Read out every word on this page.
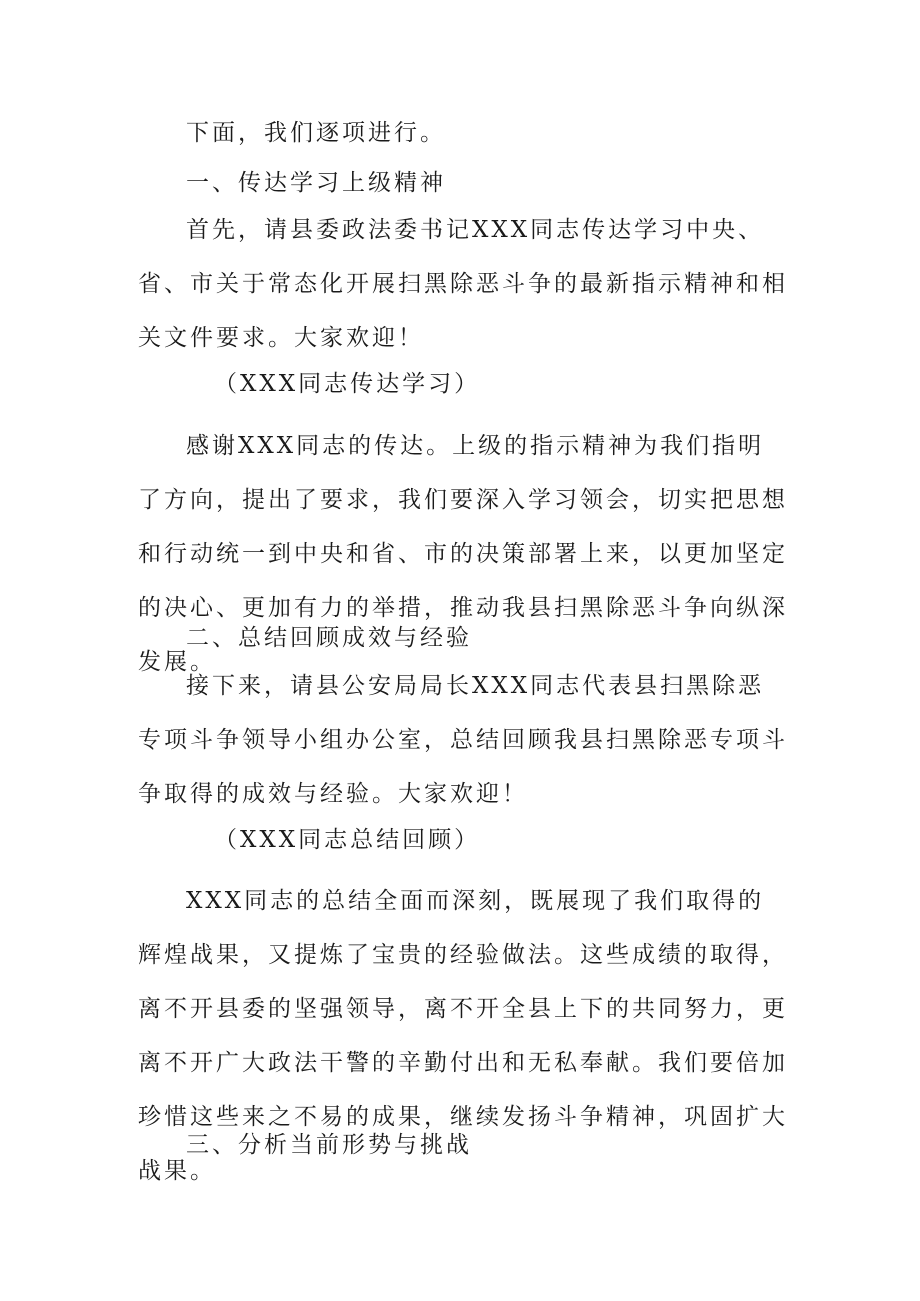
下面，我们逐项进行。

一、传达学习上级精神

首先，请县委政法委书记XXX同志传达学习中央、省、市关于常态化开展扫黑除恶斗争的最新指示精神和相关文件要求。大家欢迎！

（XXX同志传达学习）

感谢XXX同志的传达。上级的指示精神为我们指明了方向，提出了要求，我们要深入学习领会，切实把思想和行动统一到中央和省、市的决策部署上来，以更加坚定的决心、更加有力的举措，推动我县扫黑除恶斗争向纵深发展。

二、总结回顾成效与经验

接下来，请县公安局局长XXX同志代表县扫黑除恶专项斗争领导小组办公室，总结回顾我县扫黑除恶专项斗争取得的成效与经验。大家欢迎！

（XXX同志总结回顾）

XXX同志的总结全面而深刻，既展现了我们取得的辉煌战果，又提炼了宝贵的经验做法。这些成绩的取得，离不开县委的坚强领导，离不开全县上下的共同努力，更离不开广大政法干警的辛勤付出和无私奉献。我们要倍加珍惜这些来之不易的成果，继续发扬斗争精神，巩固扩大战果。

三、分析当前形势与挑战
